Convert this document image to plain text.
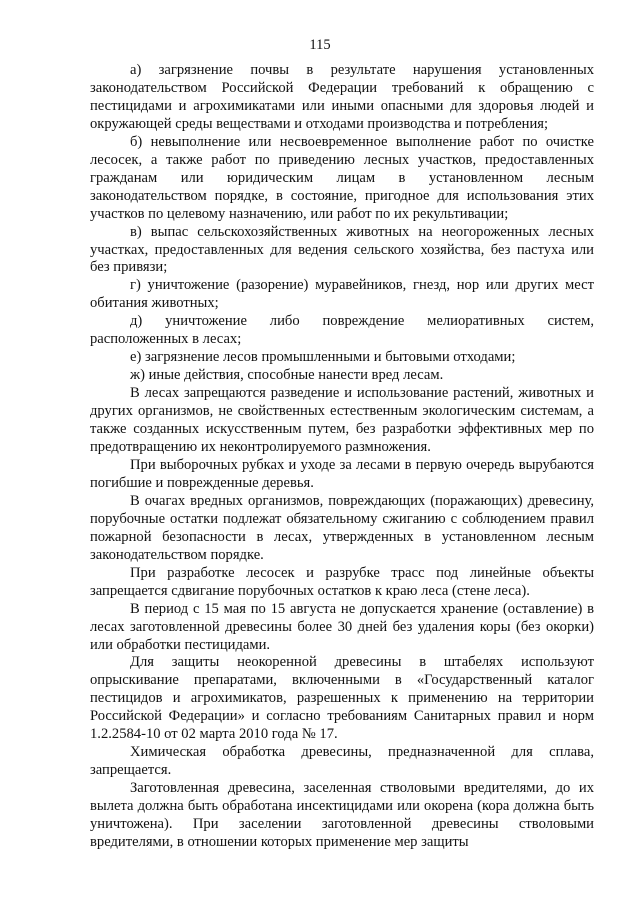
115

а) загрязнение почвы в результате нарушения установленных законодательством Российской Федерации требований к обращению с пестицидами и агрохимикатами или иными опасными для здоровья людей и окружающей среды веществами и отходами производства и потребления;

б) невыполнение или несвоевременное выполнение работ по очистке лесосек, а также работ по приведению лесных участков, предоставленных гражданам или юридическим лицам в установленном лесным законодательством порядке, в состояние, пригодное для использования этих участков по целевому назначению, или работ по их рекультивации;

в) выпас сельскохозяйственных животных на неогороженных лесных участках, предоставленных для ведения сельского хозяйства, без пастуха или без привязи;

г) уничтожение (разорение) муравейников, гнезд, нор или других мест обитания животных;

д) уничтожение либо повреждение мелиоративных систем, расположенных в лесах;

е) загрязнение лесов промышленными и бытовыми отходами;

ж) иные действия, способные нанести вред лесам.

В лесах запрещаются разведение и использование растений, животных и других организмов, не свойственных естественным экологическим системам, а также созданных искусственным путем, без разработки эффективных мер по предотвращению их неконтролируемого размножения.

При выборочных рубках и уходе за лесами в первую очередь вырубаются погибшие и поврежденные деревья.

В очагах вредных организмов, повреждающих (поражающих) древесину, порубочные остатки подлежат обязательному сжиганию с соблюдением правил пожарной безопасности в лесах, утвержденных в установленном лесным законодательством порядке.

При разработке лесосек и разрубке трасс под линейные объекты запрещается сдвигание порубочных остатков к краю леса (стене леса).

В период с 15 мая по 15 августа не допускается хранение (оставление) в лесах заготовленной древесины более 30 дней без удаления коры (без окорки) или обработки пестицидами.

Для защиты неокоренной древесины в штабелях используют опрыскивание препаратами, включенными в «Государственный каталог пестицидов и агрохимикатов, разрешенных к применению на территории Российской Федерации» и согласно требованиям Санитарных правил и норм 1.2.2584-10 от 02 марта 2010 года № 17.

Химическая обработка древесины, предназначенной для сплава, запрещается.

Заготовленная древесина, заселенная стволовыми вредителями, до их вылета должна быть обработана инсектицидами или окорена (кора должна быть уничтожена). При заселении заготовленной древесины стволовыми вредителями, в отношении которых применение мер защиты
